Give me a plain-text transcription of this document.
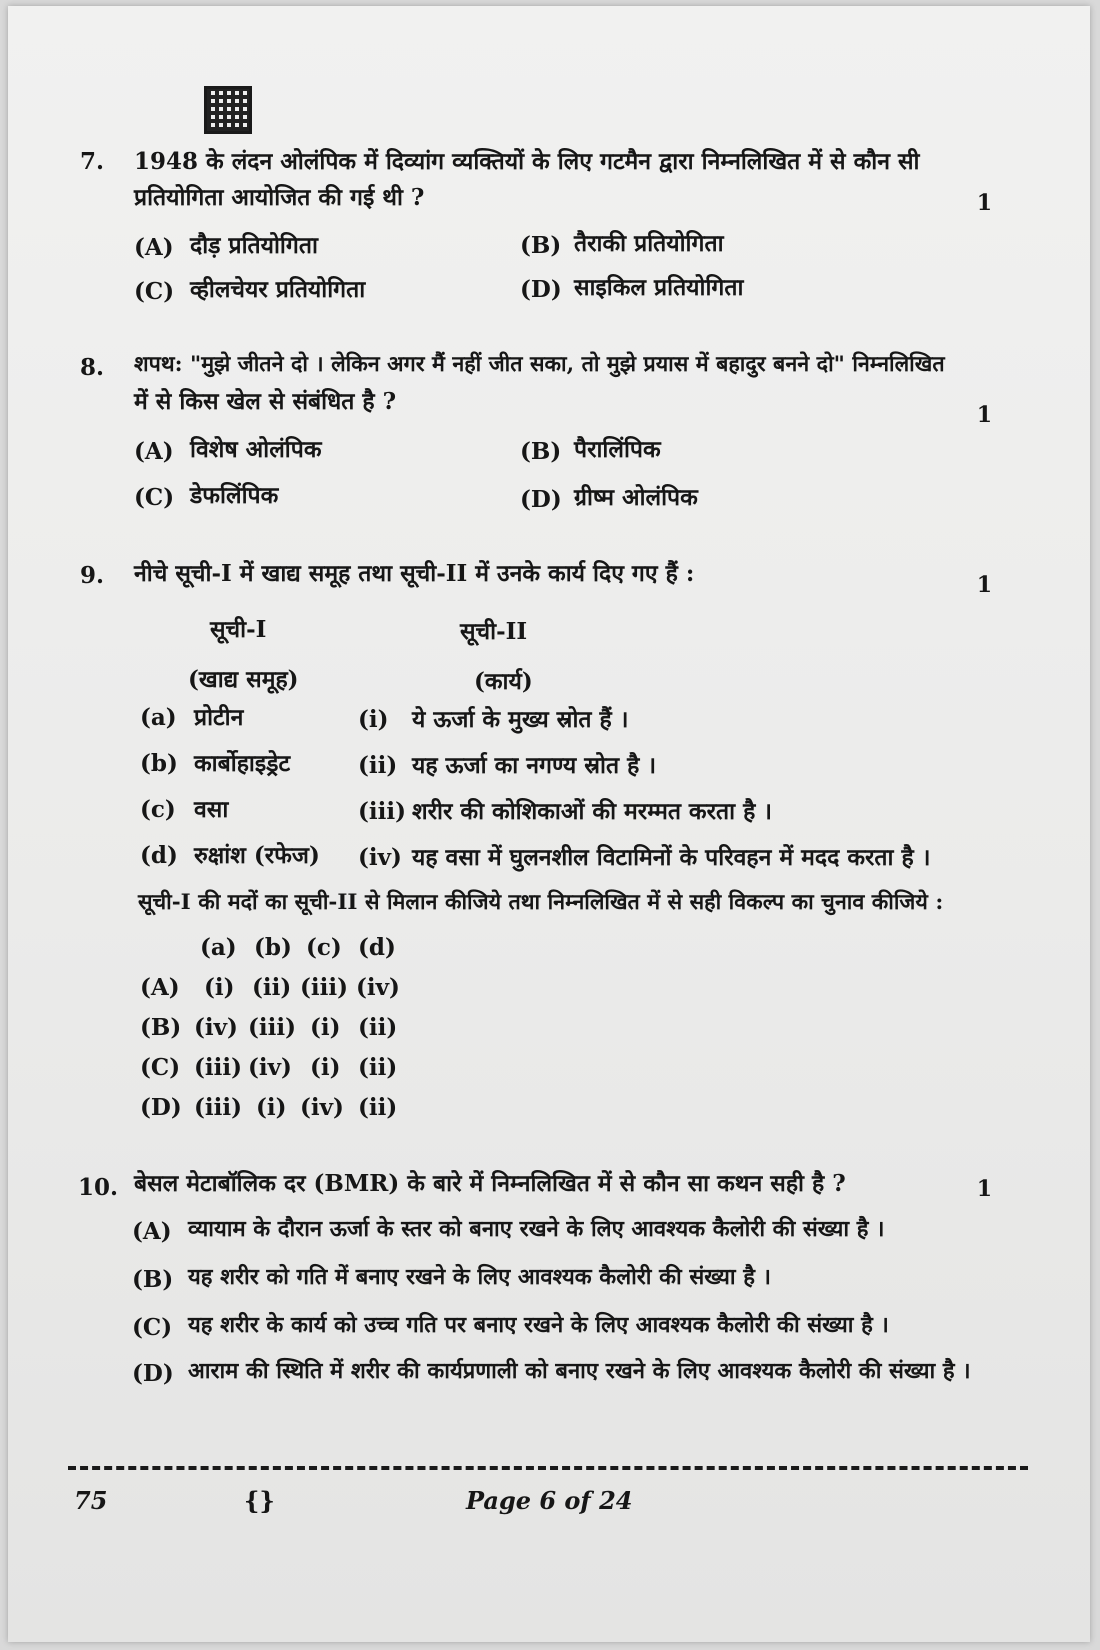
7. 1948 के लंदन ओलंपिक में दिव्यांग व्यक्तियों के लिए गटमैन द्वारा निम्नलिखित में से कौन सी
प्रतियोगिता आयोजित की गई थी ?	1
(A) दौड़ प्रतियोगिता	(B) तैराकी प्रतियोगिता
(C) व्हीलचेयर प्रतियोगिता	(D) साइकिल प्रतियोगिता
8. शपथ: "मुझे जीतने दो । लेकिन अगर मैं नहीं जीत सका, तो मुझे प्रयास में बहादुर बनने दो" निम्नलिखित
में से किस खेल से संबंधित है ?	1
(A) विशेष ओलंपिक	(B) पैरालिंपिक
(C) डेफलिंपिक	(D) ग्रीष्म ओलंपिक
9. नीचे सूची-I में खाद्य समूह तथा सूची-II में उनके कार्य दिए गए हैं :	1
सूची-I
(खाद्य समूह)
सूची-II
(कार्य)
(a) प्रोटीन	(i) ये ऊर्जा के मुख्य स्रोत हैं ।
(b) कार्बोहाइड्रेट	(ii) यह ऊर्जा का नगण्य स्रोत है ।
(c) वसा	(iii) शरीर की कोशिकाओं की मरम्मत करता है ।
(d) रुक्षांश (रफेज) (iv) यह वसा में घुलनशील विटामिनों के परिवहन में मदद करता है ।
सूची-I की मदों का सूची-II से मिलान कीजिये तथा निम्नलिखित में से सही विकल्प का चुनाव कीजिये :
(a) (b) (c) (d)
(A) (i) (ii) (iii) (iv)
(B) (iv) (iii) (i) (ii)
(C) (iii) (iv) (i) (ii)
(D) (iii) (i) (iv) (ii)
10. बेसल मेटाबॉलिक दर (BMR) के बारे में निम्नलिखित में से कौन सा कथन सही है ?	1
(A) व्यायाम के दौरान ऊर्जा के स्तर को बनाए रखने के लिए आवश्यक कैलोरी की संख्या है ।
(B) यह शरीर को गति में बनाए रखने के लिए आवश्यक कैलोरी की संख्या है ।
(C) यह शरीर के कार्य को उच्च गति पर बनाए रखने के लिए आवश्यक कैलोरी की संख्या है ।
(D) आराम की स्थिति में शरीर की कार्यप्रणाली को बनाए रखने के लिए आवश्यक कैलोरी की संख्या है ।
75	{}	Page 6 of 24
